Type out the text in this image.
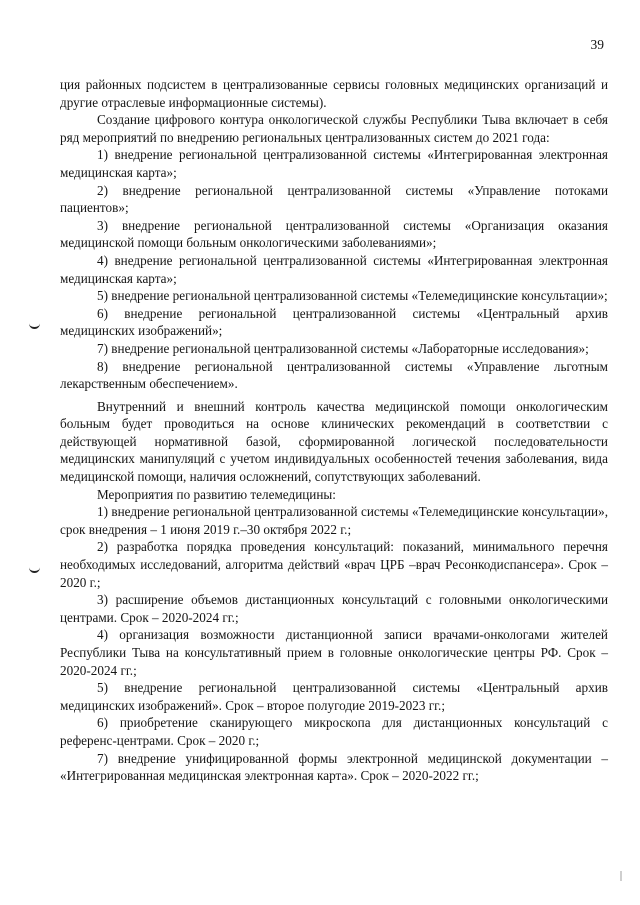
39

ция районных подсистем в централизованные сервисы головных медицинских организаций и другие отраслевые информационные системы).

Создание цифрового контура онкологической службы Республики Тыва включает в себя ряд мероприятий по внедрению региональных централизованных систем до 2021 года:

1) внедрение региональной централизованной системы «Интегрированная электронная медицинская карта»;

2) внедрение региональной централизованной системы «Управление потоками пациентов»;

3) внедрение региональной централизованной системы «Организация оказания медицинской помощи больным онкологическими заболеваниями»;

4) внедрение региональной централизованной системы «Интегрированная электронная медицинская карта»;

5) внедрение региональной централизованной системы «Телемедицинские консультации»;

6) внедрение региональной централизованной системы «Центральный архив медицинских изображений»;

7) внедрение региональной централизованной системы «Лабораторные исследования»;

8) внедрение региональной централизованной системы «Управление льготным лекарственным обеспечением».

Внутренний и внешний контроль качества медицинской помощи онкологическим больным будет проводиться на основе клинических рекомендаций в соответствии с действующей нормативной базой, сформированной логической последовательности медицинских манипуляций с учетом индивидуальных особенностей течения заболевания, вида медицинской помощи, наличия осложнений, сопутствующих заболеваний.

Мероприятия по развитию телемедицины:

1) внедрение региональной централизованной системы «Телемедицинские консультации», срок внедрения – 1 июня 2019 г.–30 октября 2022 г.;

2) разработка порядка проведения консультаций: показаний, минимального перечня необходимых исследований, алгоритма действий «врач ЦРБ –врач Ресонкодиспансера». Срок – 2020 г.;

3) расширение объемов дистанционных консультаций с головными онкологическими центрами. Срок – 2020-2024 гг.;

4) организация возможности дистанционной записи врачами-онкологами жителей Республики Тыва на консультативный прием в головные онкологические центры РФ. Срок – 2020-2024 гг.;

5) внедрение региональной централизованной системы «Центральный архив медицинских изображений». Срок – второе полугодие 2019-2023 гг.;

6) приобретение сканирующего микроскопа для дистанционных консультаций с референс-центрами. Срок – 2020 г.;

7) внедрение унифицированной формы электронной медицинской документации – «Интегрированная медицинская электронная карта». Срок – 2020-2022 гг.;
